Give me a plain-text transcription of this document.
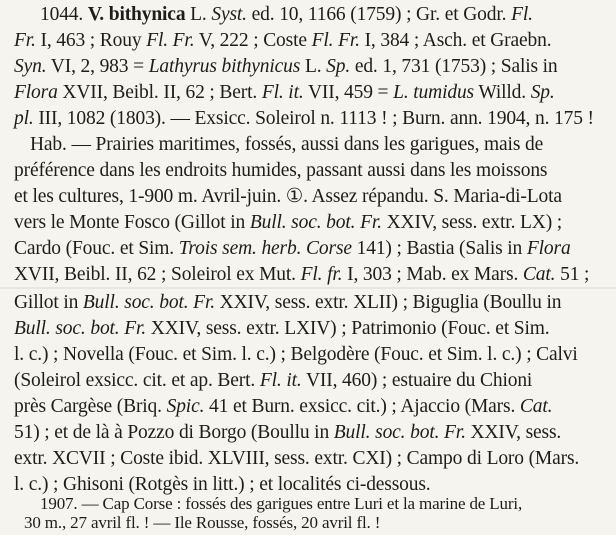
1044. V. bithynica L. Syst. ed. 10, 1166 (1759) ; Gr. et Godr. Fl.
Fr. I, 463 ; Rouy Fl. Fr. V, 222 ; Coste Fl. Fr. I, 384 ; Asch. et Graebn.
Syn. VI, 2, 983 = Lathyrus bithynicus L. Sp. ed. 1, 731 (1753) ; Salis in
Flora XVII, Beibl. II, 62 ; Bert. Fl. it. VII, 459 = L. tumidus Willd. Sp.
pl. III, 1082 (1803). — Exsicc. Soleirol n. 1113 ! ; Burn. ann. 1904, n. 175 !
Hab. — Prairies maritimes, fossés, aussi dans les garigues, mais de
préférence dans les endroits humides, passant aussi dans les moissons
et les cultures, 1-900 m. Avril-juin. ①. Assez répandu. S. Maria-di-Lota
vers le Monte Fosco (Gillot in Bull. soc. bot. Fr. XXIV, sess. extr. LX) ;
Cardo (Fouc. et Sim. Trois sem. herb. Corse 141) ; Bastia (Salis in Flora
XVII, Beibl. II, 62 ; Soleirol ex Mut. Fl. fr. I, 303 ; Mab. ex Mars. Cat. 51 ;
Gillot in Bull. soc. bot. Fr. XXIV, sess. extr. XLII) ; Biguglia (Boullu in
Bull. soc. bot. Fr. XXIV, sess. extr. LXIV) ; Patrimonio (Fouc. et Sim.
l. c.) ; Novella (Fouc. et Sim. l. c.) ; Belgodère (Fouc. et Sim. l. c.) ; Calvi
(Soleirol exsicc. cit. et ap. Bert. Fl. it. VII, 460) ; estuaire du Chioni
près Cargèse (Briq. Spic. 41 et Burn. exsicc. cit.) ; Ajaccio (Mars. Cat.
51) ; et de là à Pozzo di Borgo (Boullu in Bull. soc. bot. Fr. XXIV, sess.
extr. XCVII ; Coste ibid. XLVIII, sess. extr. CXI) ; Campo di Loro (Mars.
l. c.) ; Ghisoni (Rotgès in litt.) ; et localités ci-dessous.
1907. — Cap Corse : fossés des garigues entre Luri et la marine de Luri,
30 m., 27 avril fl. ! — Ile Rousse, fossés, 20 avril fl. !
